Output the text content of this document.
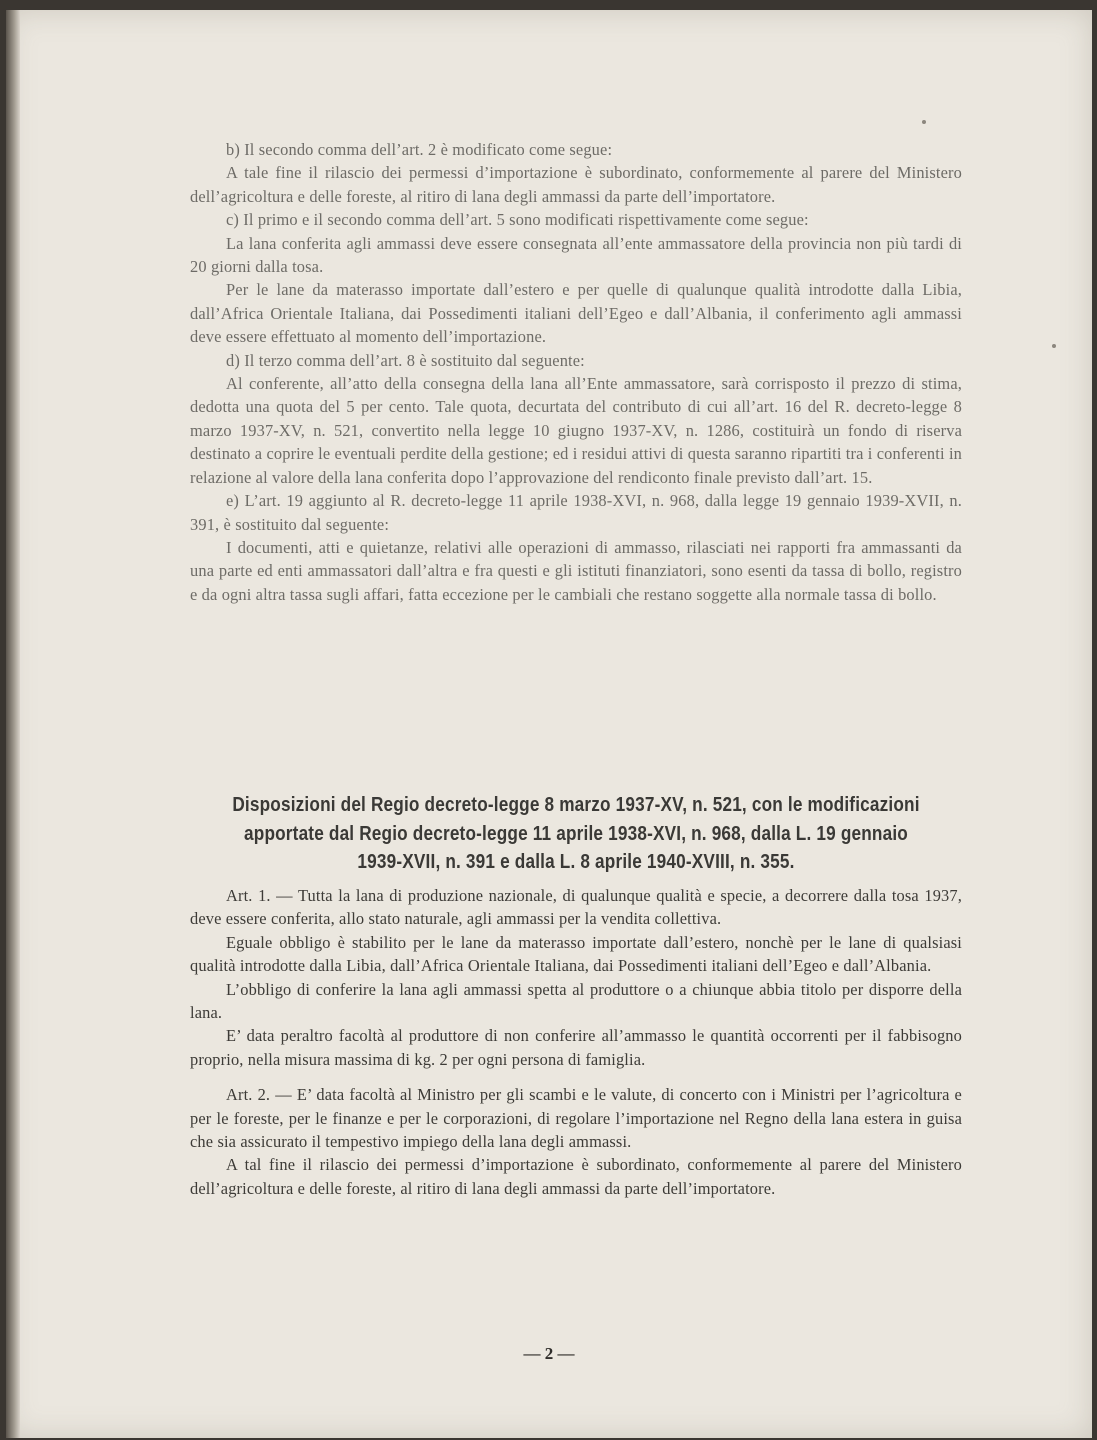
b) Il secondo comma dell’art. 2 è modificato come segue:

A tale fine il rilascio dei permessi d’importazione è subordinato, conformemente al parere del Ministero dell’agricoltura e delle foreste, al ritiro di lana degli ammassi da parte dell’importatore.

c) Il primo e il secondo comma dell’art. 5 sono modificati rispettivamente come segue:

La lana conferita agli ammassi deve essere consegnata all’ente ammassatore della provincia non più tardi di 20 giorni dalla tosa.

Per le lane da materasso importate dall’estero e per quelle di qualunque qualità introdotte dalla Libia, dall’Africa Orientale Italiana, dai Possedimenti italiani dell’Egeo e dall’Albania, il conferimento agli ammassi deve essere effettuato al momento dell’importazione.

d) Il terzo comma dell’art. 8 è sostituito dal seguente:

Al conferente, all’atto della consegna della lana all’Ente ammassatore, sarà corrisposto il prezzo di stima, dedotta una quota del 5 per cento. Tale quota, decurtata del contributo di cui all’art. 16 del R. decreto-legge 8 marzo 1937-XV, n. 521, convertito nella legge 10 giugno 1937-XV, n. 1286, costituirà un fondo di riserva destinato a coprire le eventuali perdite della gestione; ed i residui attivi di questa saranno ripartiti tra i conferenti in relazione al valore della lana conferita dopo l’approvazione del rendiconto finale previsto dall’art. 15.

e) L’art. 19 aggiunto al R. decreto-legge 11 aprile 1938-XVI, n. 968, dalla legge 19 gennaio 1939-XVII, n. 391, è sostituito dal seguente:

I documenti, atti e quietanze, relativi alle operazioni di ammasso, rilasciati nei rapporti fra ammassanti da una parte ed enti ammassatori dall’altra e fra questi e gli istituti finanziatori, sono esenti da tassa di bollo, registro e da ogni altra tassa sugli affari, fatta eccezione per le cambiali che restano soggette alla normale tassa di bollo.

Disposizioni del Regio decreto-legge 8 marzo 1937-XV, n. 521, con le modificazioni apportate dal Regio decreto-legge 11 aprile 1938-XVI, n. 968, dalla L. 19 gennaio 1939-XVII, n. 391 e dalla L. 8 aprile 1940-XVIII, n. 355.

Art. 1. — Tutta la lana di produzione nazionale, di qualunque qualità e specie, a decorrere dalla tosa 1937, deve essere conferita, allo stato naturale, agli ammassi per la vendita collettiva.

Eguale obbligo è stabilito per le lane da materasso importate dall’estero, nonchè per le lane di qualsiasi qualità introdotte dalla Libia, dall’Africa Orientale Italiana, dai Possedimenti italiani dell’Egeo e dall’Albania.

L’obbligo di conferire la lana agli ammassi spetta al produttore o a chiunque abbia titolo per disporre della lana.

E’ data peraltro facoltà al produttore di non conferire all’ammasso le quantità occorrenti per il fabbisogno proprio, nella misura massima di kg. 2 per ogni persona di famiglia.

Art. 2. — E’ data facoltà al Ministro per gli scambi e le valute, di concerto con i Ministri per l’agricoltura e per le foreste, per le finanze e per le corporazioni, di regolare l’importazione nel Regno della lana estera in guisa che sia assicurato il tempestivo impiego della lana degli ammassi.

A tal fine il rilascio dei permessi d’importazione è subordinato, conformemente al parere del Ministero dell’agricoltura e delle foreste, al ritiro di lana degli ammassi da parte dell’importatore.

— 2 —
